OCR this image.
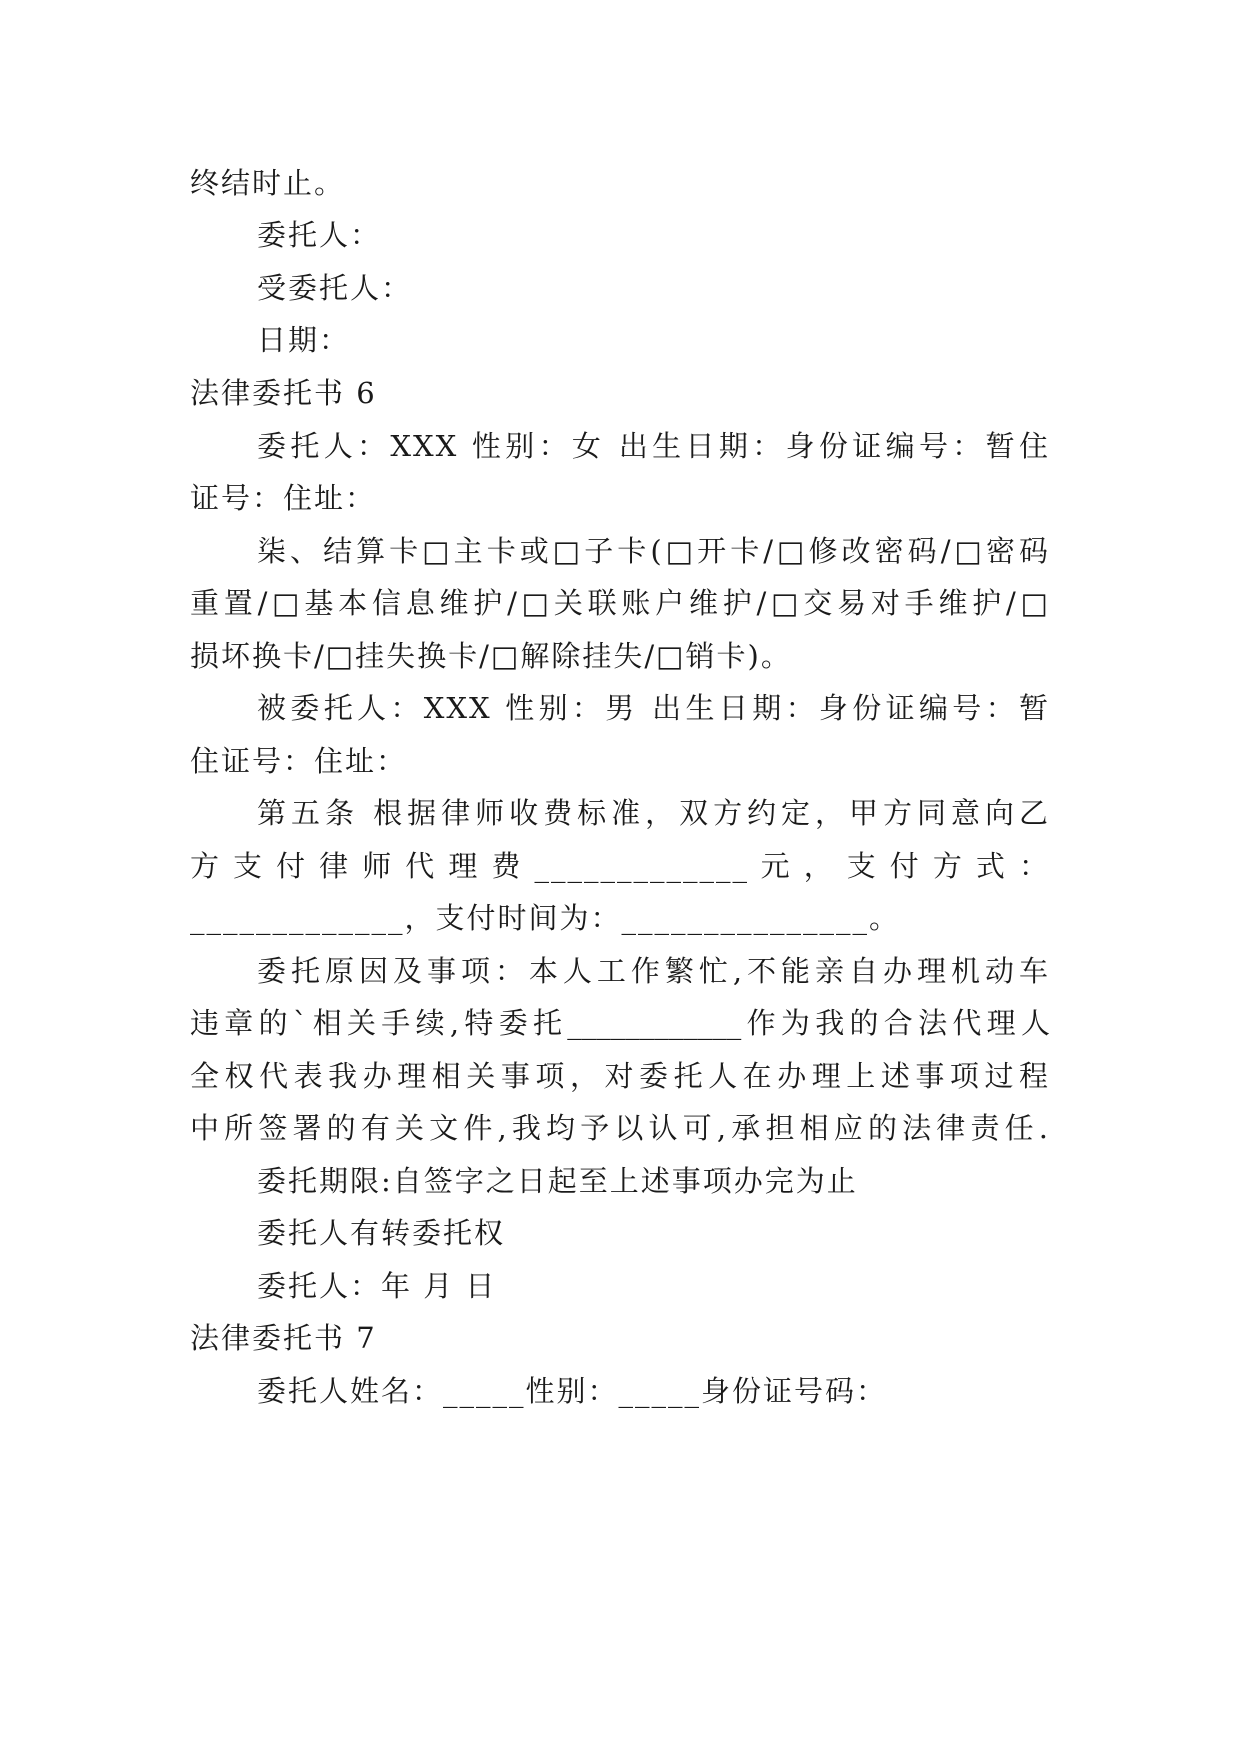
终结时止。
委托人：
受委托人：
日期：
法律委托书 6
委托人：XXX 性别：女 出生日期：身份证编号：暂住
证号：住址：
柒、结算卡□主卡或□子卡(□开卡/□修改密码/□密码
重置/□基本信息维护/□关联账户维护/□交易对手维护/□
损坏换卡/□挂失换卡/□解除挂失/□销卡)。
被委托人：XXX 性别：男 出生日期：身份证编号：暂
住证号：住址：
第五条 根据律师收费标准，双方约定，甲方同意向乙
方 支 付 律 师 代 理 费 _____________ 元 ， 支 付 方 式 ：
_____________，支付时间为：_______________。
委托原因及事项：本人工作繁忙,不能亲自办理机动车
违章的`相关手续,特委托____________作为我的合法代理人
全权代表我办理相关事项，对委托人在办理上述事项过程
中所签署的有关文件,我均予以认可,承担相应的法律责任.
委托期限:自签字之日起至上述事项办完为止
委托人有转委托权
委托人：年 月 日
法律委托书 7
委托人姓名：_____性别：_____身份证号码：
